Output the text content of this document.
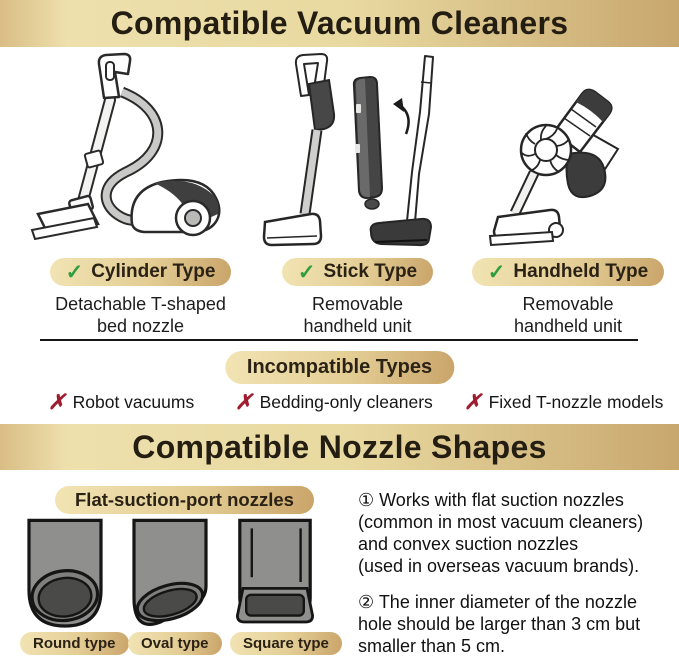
Compatible Vacuum Cleaners
✓ Cylinder Type
Detachable T-shaped
bed nozzle
✓ Stick Type
Removable
handheld unit
✓ Handheld Type
Removable
handheld unit
Incompatible Types
✗ Robot vacuums ✗ Bedding-only cleaners ✗ Fixed T-nozzle models
Compatible Nozzle Shapes
Flat-suction-port nozzles
Round type Oval type Square type
① Works with flat suction nozzles
(common in most vacuum cleaners)
and convex suction nozzles
(used in overseas vacuum brands).
② The inner diameter of the nozzle
hole should be larger than 3 cm but
smaller than 5 cm.
